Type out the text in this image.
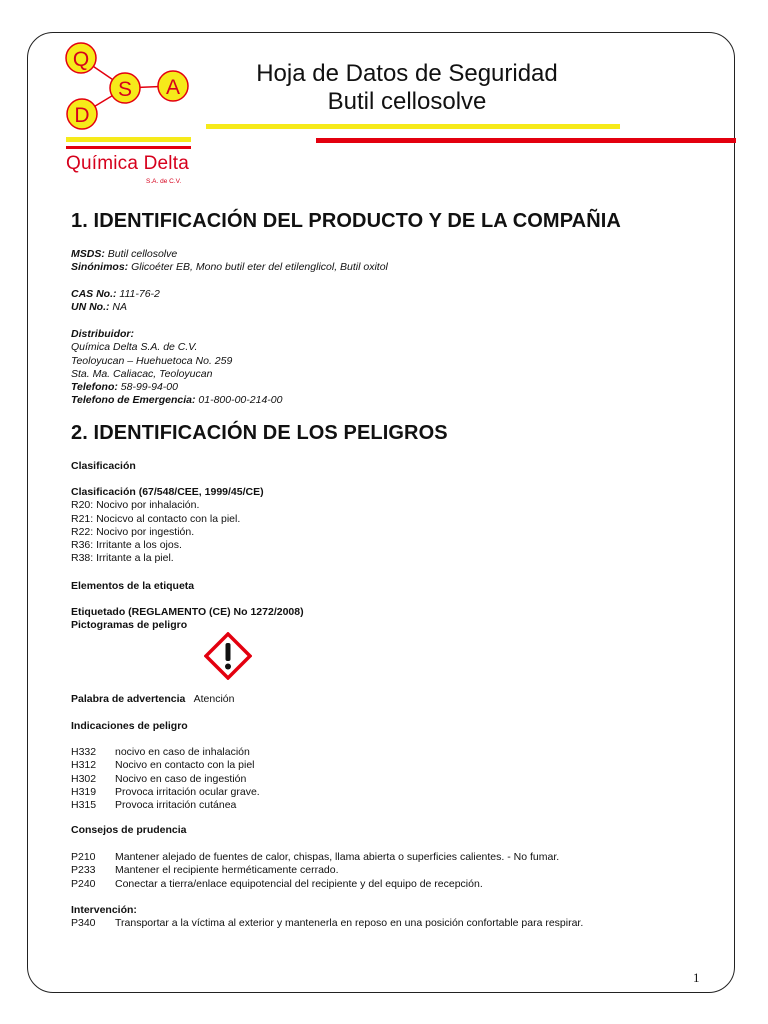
Q
S A
D
Química Delta
S.A. de C.V.
Hoja de Datos de Seguridad
Butil cellosolve
1. IDENTIFICACIÓN DEL PRODUCTO Y DE LA COMPAÑIA
MSDS: Butil cellosolve
Sinónimos: Glicoéter EB, Mono butil eter del etilenglicol, Butil oxitol
CAS No.: 111-76-2
UN No.: NA
Distribuidor:
Química Delta S.A. de C.V.
Teoloyucan – Huehuetoca No. 259
Sta. Ma. Caliacac, Teoloyucan
Telefono: 58-99-94-00
Telefono de Emergencia: 01-800-00-214-00
2. IDENTIFICACIÓN DE LOS PELIGROS
Clasificación
Clasificación (67/548/CEE, 1999/45/CE)
R20: Nocivo por inhalación.
R21: Nocicvo al contacto con la piel.
R22: Nocivo por ingestión.
R36: Irritante a los ojos.
R38: Irritante a la piel.
Elementos de la etiqueta
Etiquetado (REGLAMENTO (CE) No 1272/2008)
Pictogramas de peligro
Palabra de advertencia Atención
Indicaciones de peligro
H332 nocivo en caso de inhalación
H312 Nocivo en contacto con la piel
H302 Nocivo en caso de ingestión
H319 Provoca irritación ocular grave.
H315 Provoca irritación cutánea
Consejos de prudencia
P210 Mantener alejado de fuentes de calor, chispas, llama abierta o superficies calientes. - No fumar.
P233 Mantener el recipiente herméticamente cerrado.
P240 Conectar a tierra/enlace equipotencial del recipiente y del equipo de recepción.
Intervención:
P340 Transportar a la víctima al exterior y mantenerla en reposo en una posición confortable para respirar.
1
